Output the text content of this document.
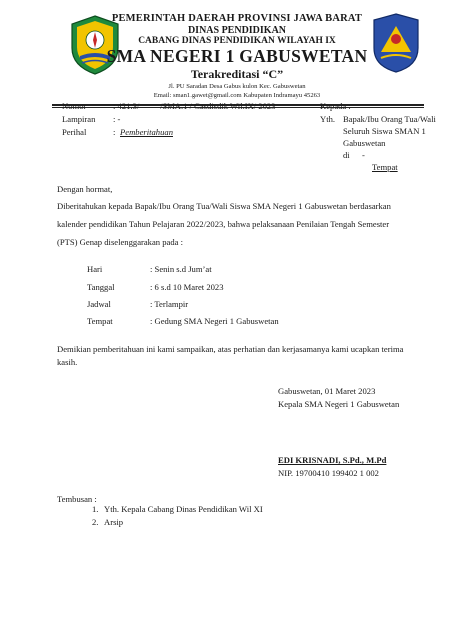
PEMERINTAH DAERAH PROVINSI JAWA BARAT
DINAS PENDIDIKAN
CABANG DINAS PENDIDIKAN WILAYAH IX
SMA NEGERI 1 GABUSWETAN
Terakreditasi “C”
Jl. PU Saradan Desa Gabus kulon Kec. Gabuswetan
Email: sman1.gawet@gmail.com Kabupaten Indramayu 45263
Nomor	: 421.3/ /SMA.1 / Casdisdik Wil.IX/ 2023
Lampiran : -
Perihal	: Pemberitahuan
Kepada :
Yth. Bapak/Ibu Orang Tua/Wali
Seluruh Siswa SMAN 1
Gabuswetan
di -
Tempat
Dengan hormat,
Diberitahukan kepada Bapak/Ibu Orang Tua/Wali Siswa SMA Negeri 1 Gabuswetan berdasarkan
kalender pendidikan Tahun Pelajaran 2022/2023, bahwa pelaksanaan Penilaian Tengah Semester
(PTS) Genap diselenggarakan pada :
Hari	: Senin s.d Jum’at
Tanggal	: 6 s.d 10 Maret 2023
Jadwal	: Terlampir
Tempat	: Gedung SMA Negeri 1 Gabuswetan
Demikian pemberitahuan ini kami sampaikan, atas perhatian dan kerjasamanya kami ucapkan terima
kasih.
Gabuswetan, 01 Maret 2023
Kepala SMA Negeri 1 Gabuswetan
EDI KRISNADI, S.Pd., M.Pd
NIP. 19700410 199402 1 002
Tembusan :
1. Yth. Kepala Cabang Dinas Pendidikan Wil XI
2. Arsip
